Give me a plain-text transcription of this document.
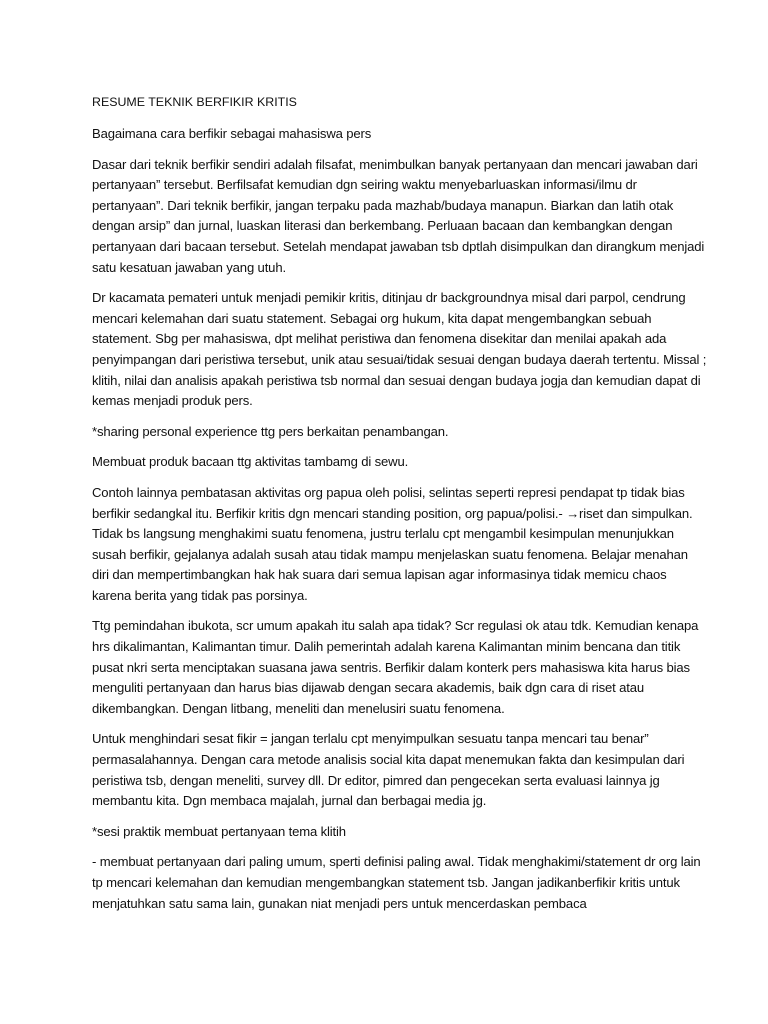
RESUME TEKNIK BERFIKIR KRITIS

Bagaimana cara berfikir sebagai mahasiswa pers

Dasar dari teknik berfikir sendiri adalah filsafat, menimbulkan banyak pertanyaan dan mencari jawaban dari pertanyaan” tersebut. Berfilsafat kemudian dgn seiring waktu menyebarluaskan informasi/ilmu dr pertanyaan”. Dari teknik berfikir, jangan terpaku pada mazhab/budaya manapun. Biarkan dan latih otak dengan arsip” dan jurnal, luaskan literasi dan berkembang. Perluaan bacaan dan kembangkan dengan pertanyaan dari bacaan tersebut. Setelah mendapat jawaban tsb dptlah disimpulkan dan dirangkum menjadi satu kesatuan jawaban yang utuh.

Dr kacamata pemateri untuk menjadi pemikir kritis, ditinjau dr backgroundnya misal dari parpol, cendrung mencari kelemahan dari suatu statement. Sebagai org hukum, kita dapat mengembangkan sebuah statement. Sbg per mahasiswa, dpt melihat peristiwa dan fenomena disekitar dan menilai apakah ada penyimpangan dari peristiwa tersebut, unik atau sesuai/tidak sesuai dengan budaya daerah tertentu. Missal ; klitih, nilai dan analisis apakah peristiwa tsb normal dan sesuai dengan budaya jogja dan kemudian dapat di kemas menjadi produk pers.

*sharing personal experience ttg pers berkaitan penambangan.

Membuat produk bacaan ttg aktivitas tambamg di sewu.

Contoh lainnya pembatasan aktivitas org papua oleh polisi, selintas seperti represi pendapat tp tidak bias berfikir sedangkal itu. Berfikir kritis dgn mencari standing position, org papua/polisi.- →riset dan simpulkan. Tidak bs langsung menghakimi suatu fenomena, justru terlalu cpt mengambil kesimpulan menunjukkan susah berfikir, gejalanya adalah susah atau tidak mampu menjelaskan suatu fenomena. Belajar menahan diri dan mempertimbangkan hak hak suara dari semua lapisan agar informasinya tidak memicu chaos karena berita yang tidak pas porsinya.

Ttg pemindahan ibukota, scr umum apakah itu salah apa tidak? Scr regulasi ok atau tdk. Kemudian kenapa hrs dikalimantan, Kalimantan timur. Dalih pemerintah adalah karena Kalimantan minim bencana dan titik pusat nkri serta menciptakan suasana jawa sentris. Berfikir dalam konterk pers mahasiswa kita harus bias menguliti pertanyaan dan harus bias dijawab dengan secara akademis, baik dgn cara di riset atau dikembangkan. Dengan litbang, meneliti dan menelusiri suatu fenomena.

Untuk menghindari sesat fikir = jangan terlalu cpt menyimpulkan sesuatu tanpa mencari tau benar” permasalahannya. Dengan cara metode analisis social kita dapat menemukan fakta dan kesimpulan dari peristiwa tsb, dengan meneliti, survey dll. Dr editor, pimred dan pengecekan serta evaluasi lainnya jg membantu kita. Dgn membaca majalah, jurnal dan berbagai media jg.

*sesi praktik membuat pertanyaan tema klitih

- membuat pertanyaan dari paling umum, sperti definisi paling awal. Tidak menghakimi/statement dr org lain tp mencari kelemahan dan kemudian mengembangkan statement tsb. Jangan jadikanberfikir kritis untuk menjatuhkan satu sama lain, gunakan niat menjadi pers untuk mencerdaskan pembaca
